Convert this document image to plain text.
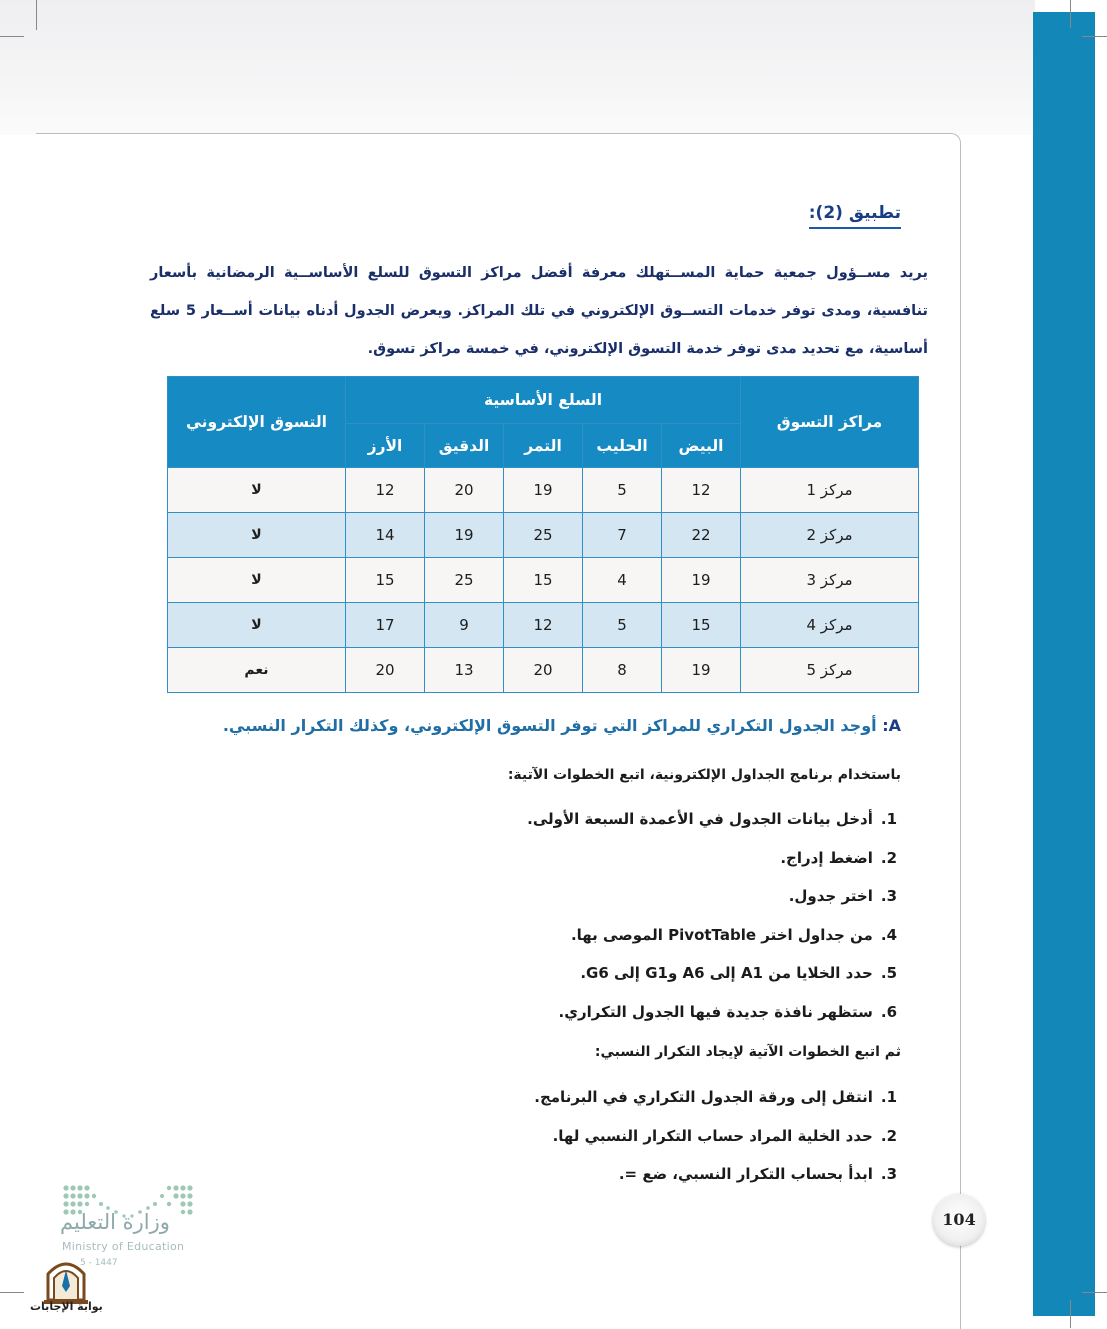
تطبيق (2):

يريد مســؤول جمعية حماية المســتهلك معرفة أفضل مراكز التسوق للسلع الأساســية الرمضانية بأسعار تنافسية، ومدى توفر خدمات التســوق الإلكتروني في تلك المراكز. ويعرض الجدول أدناه بيانات أســعار 5 سلع أساسية، مع تحديد مدى توفر خدمة التسوق الإلكتروني، في خمسة مراكز تسوق.

مراكز التسوق	السلع الأساسية					التسوق الإلكتروني
	البيض	الحليب	التمر	الدقيق	الأرز	
مركز 1	12	5	19	20	12	لا
مركز 2	22	7	25	19	14	لا
مركز 3	19	4	15	25	15	لا
مركز 4	15	5	12	9	17	لا
مركز 5	19	8	20	13	20	نعم
A: أوجد الجدول التكراري للمراكز التي توفر التسوق الإلكتروني، وكذلك التكرار النسبي.
باستخدام برنامج الجداول الإلكترونية، اتبع الخطوات الآتية:
1.أدخل بيانات الجدول في الأعمدة السبعة الأولى.
2.اضغط إدراج.
3.اختر جدول.
4.من جداول اختر PivotTable الموصى بها.
5.حدد الخلايا من A1 إلى A6 وG1 إلى G6.
6.ستظهر نافذة جديدة فيها الجدول التكراري.
ثم اتبع الخطوات الآتية لإيجاد التكرار النسبي:
1.انتقل إلى ورقة الجدول التكراري في البرنامج.
2.حدد الخلية المراد حساب التكرار النسبي لها.
3.ابدأ بحساب التكرار النسبي، ضع =.
104
وزارة التعليم
Ministry of Education
5 - 1447
بوابة الإجابات
